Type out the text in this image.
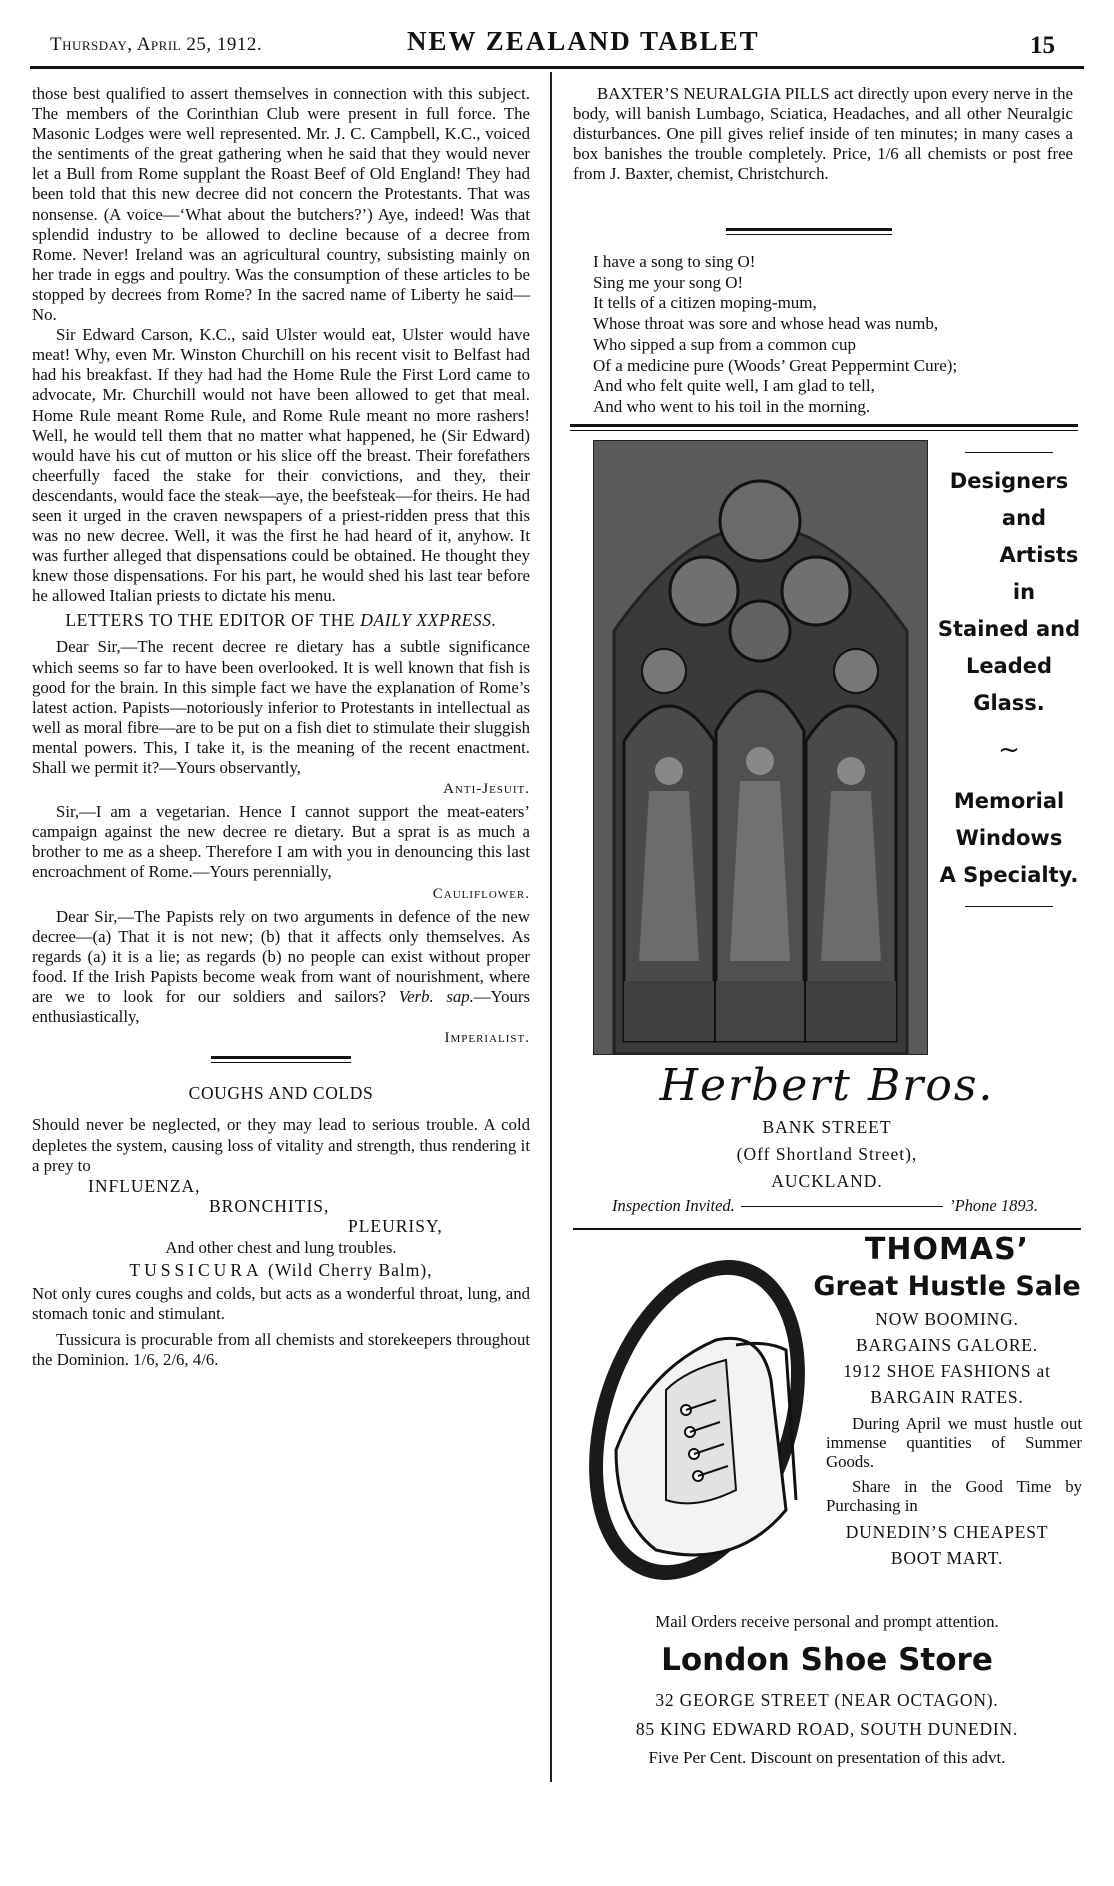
Thursday, April 25, 1912.	NEW ZEALAND TABLET	15

those best qualified to assert themselves in connection with this subject. The members of the Corinthian Club were present in full force. The Masonic Lodges were well represented. Mr. J. C. Campbell, K.C., voiced the sentiments of the great gathering when he said that they would never let a Bull from Rome supplant the Roast Beef of Old England! They had been told that this new decree did not concern the Protestants. That was nonsense. (A voice—‘What about the butchers?’) Aye, indeed! Was that splendid industry to be allowed to decline because of a decree from Rome. Never! Ireland was an agricultural country, subsisting mainly on her trade in eggs and poultry. Was the consumption of these articles to be stopped by decrees from Rome? In the sacred name of Liberty he said—No.

Sir Edward Carson, K.C., said Ulster would eat, Ulster would have meat! Why, even Mr. Winston Churchill on his recent visit to Belfast had had his breakfast. If they had had the Home Rule the First Lord came to advocate, Mr. Churchill would not have been allowed to get that meal. Home Rule meant Rome Rule, and Rome Rule meant no more rashers! Well, he would tell them that no matter what happened, he (Sir Edward) would have his cut of mutton or his slice off the breast. Their forefathers cheerfully faced the stake for their convictions, and they, their descendants, would face the steak—aye, the beefsteak—for theirs. He had seen it urged in the craven newspapers of a priest-ridden press that this was no new decree. Well, it was the first he had heard of it, anyhow. It was further alleged that dispensations could be obtained. He thought they knew those dispensations. For his part, he would shed his last tear before he allowed Italian priests to dictate his menu.

LETTERS TO THE EDITOR OF THE DAILY XXPRESS.

Dear Sir,—The recent decree re dietary has a subtle significance which seems so far to have been overlooked. It is well known that fish is good for the brain. In this simple fact we have the explanation of Rome’s latest action. Papists—notoriously inferior to Protestants in intellectual as well as moral fibre—are to be put on a fish diet to stimulate their sluggish mental powers. This, I take it, is the meaning of the recent enactment. Shall we permit it?—Yours observantly,

Anti-Jesuit.

Sir,—I am a vegetarian. Hence I cannot support the meat-eaters’ campaign against the new decree re dietary. But a sprat is as much a brother to me as a sheep. Therefore I am with you in denouncing this last encroachment of Rome.—Yours perennially,

Cauliflower.

Dear Sir,—The Papists rely on two arguments in defence of the new decree—(a) That it is not new; (b) that it affects only themselves. As regards (a) it is a lie; as regards (b) no people can exist without proper food. If the Irish Papists become weak from want of nourishment, where are we to look for our soldiers and sailors? Verb. sap.—Yours enthusiastically,

Imperialist.

COUGHS AND COLDS

Should never be neglected, or they may lead to serious trouble. A cold depletes the system, causing loss of vitality and strength, thus rendering it a prey to

INFLUENZA,
BRONCHITIS,
PLEURISY,

And other chest and lung troubles.

TUSSICURA (Wild Cherry Balm),

Not only cures coughs and colds, but acts as a wonderful throat, lung, and stomach tonic and stimulant.

Tussicura is procurable from all chemists and storekeepers throughout the Dominion. 1/6, 2/6, 4/6.

BAXTER’S NEURALGIA PILLS act directly upon every nerve in the body, will banish Lumbago, Sciatica, Headaches, and all other Neuralgic disturbances. One pill gives relief inside of ten minutes; in many cases a box banishes the trouble completely. Price, 1/6 all chemists or post free from J. Baxter, chemist, Christchurch.

I have a song to sing O!
Sing me your song O!
It tells of a citizen moping-mum,
Whose throat was sore and whose head was numb,
Who sipped a sup from a common cup
Of a medicine pure (Woods’ Great Peppermint Cure);
And who felt quite well, I am glad to tell,
And who went to his toil in the morning.
Designers
and
Artists
in
Stained and
Leaded
Glass.
~
Memorial
Windows
A Specialty.
Herbert Bros.
BANK STREET
(Off Shortland Street),
AUCKLAND.
Inspection Invited.	’Phone 1893.
THOMAS’
Great Hustle Sale
NOW BOOMING.
BARGAINS GALORE.
1912 SHOE FASHIONS at
BARGAIN RATES.
During April we must hustle out immense quantities of Summer Goods.
Share in the Good Time by Purchasing in
DUNEDIN’S CHEAPEST
BOOT MART.
Mail Orders receive personal and prompt attention.
London Shoe Store
32 GEORGE STREET (NEAR OCTAGON).
85 KING EDWARD ROAD, SOUTH DUNEDIN.
Five Per Cent. Discount on presentation of this advt.
